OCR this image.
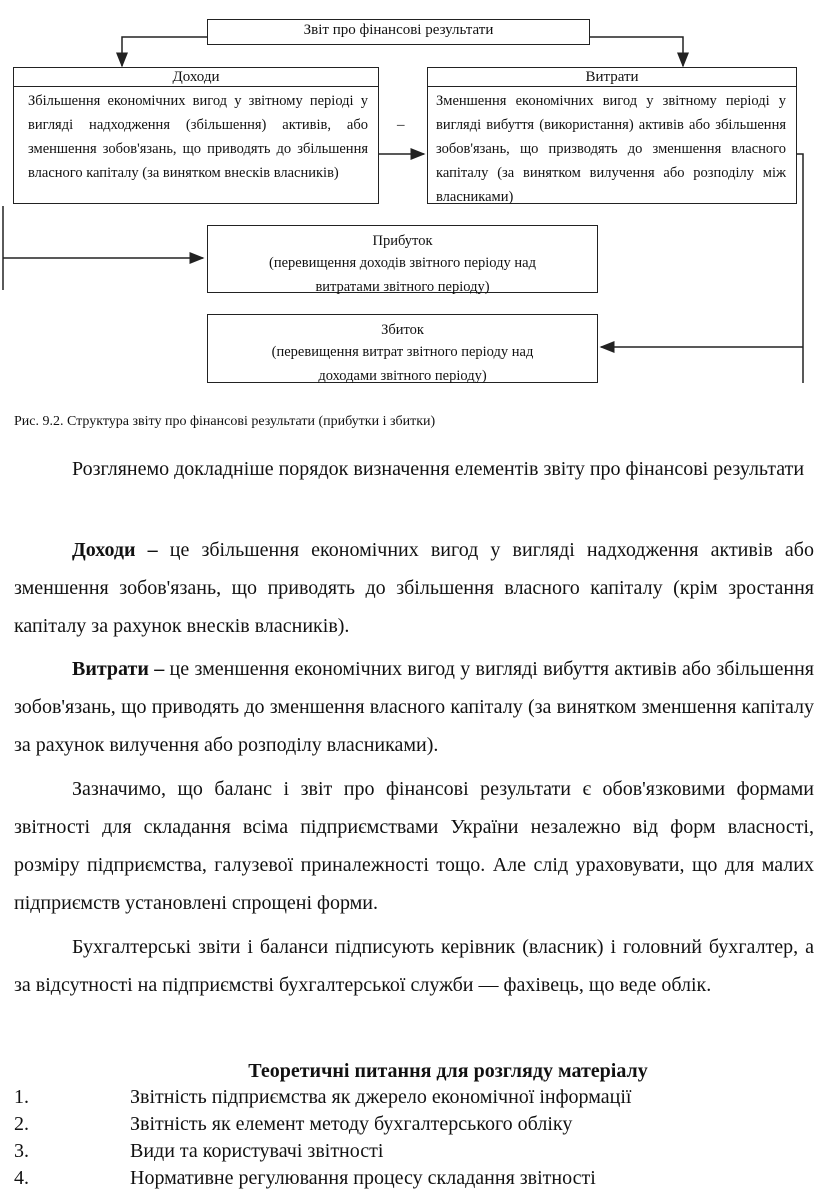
Звіт про фінансові результати
Доходи
Збільшення економічних вигод у звітному періоді у вигляді надходження (збільшення) активів, або зменшення зобов'язань, що приводять до збільшення власного капіталу (за винятком внесків власників)
_
Витрати
Зменшення економічних вигод у звітному періоді у вигляді вибуття (використання) активів або збільшення зобов'язань, що призводять до зменшення власного капіталу (за винятком вилучення або розподілу між власниками)
Прибуток
(перевищення доходів звітного періоду над
витратами звітного періоду)
Збиток
(перевищення витрат звітного періоду над
доходами звітного періоду)
Рис. 9.2. Структура звіту про фінансові результати (прибутки і збитки)
Розглянемо докладніше порядок визначення елементів звіту про фінансові результати
Доходи – це збільшення економічних вигод у вигляді надходження активів або зменшення зобов'язань, що приводять до збільшення власного капіталу (крім зростання капіталу за рахунок внесків власників).
Витрати – це зменшення економічних вигод у вигляді вибуття активів або збільшення зобов'язань, що приводять до зменшення власного капіталу (за винятком зменшення капіталу за рахунок вилучення або розподілу власниками).
Зазначимо, що баланс і звіт про фінансові результати є обов'язковими формами звітності для складання всіма підприємствами України незалежно від форм власності, розміру підприємства, галузевої приналежності тощо. Але слід ураховувати, що для малих підприємств установлені спрощені форми.
Бухгалтерські звіти і баланси підписують керівник (власник) і головний бухгалтер, а за відсутності на підприємстві бухгалтерської служби — фахівець, що веде облік.
Теоретичні питання для розгляду матеріалу
1.	Звітність підприємства як джерело економічної інформації
2.	Звітність як елемент методу бухгалтерського обліку
3.	Види та користувачі звітності
4.	Нормативне регулювання процесу складання звітності
